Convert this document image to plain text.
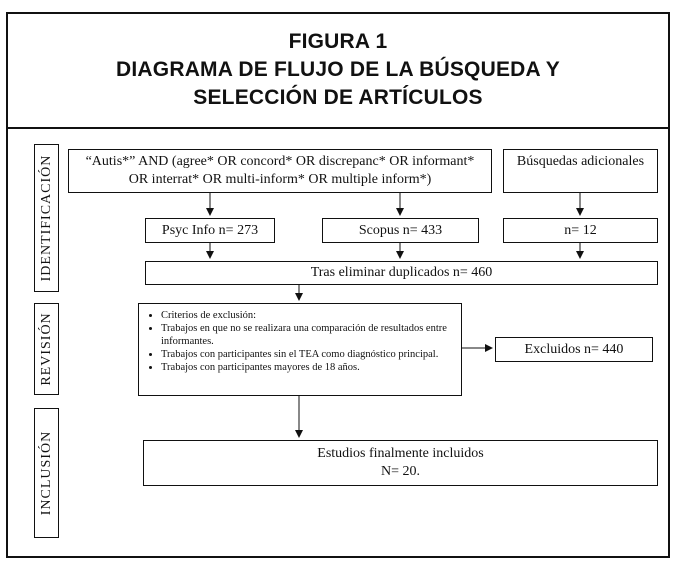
FIGURA 1
DIAGRAMA DE FLUJO DE LA BÚSQUEDA Y
SELECCIÓN DE ARTÍCULOS
IDENTIFICACIÓN
REVISIÓN
INCLUSIÓN
“Autis*” AND (agree* OR concord* OR discrepanc* OR informant*
OR interrat* OR multi-inform* OR multiple inform*)
Búsquedas adicionales
Psyc Info n= 273	Scopus n= 433	n= 12
Tras eliminar duplicados n= 460
• Criterios de exclusión:
• Trabajos en que no se realizara una comparación de resultados entre informantes.
• Trabajos con participantes sin el TEA como diagnóstico principal.
• Trabajos con participantes mayores de 18 años.
Excluidos n= 440
Estudios finalmente incluidos
N= 20.
